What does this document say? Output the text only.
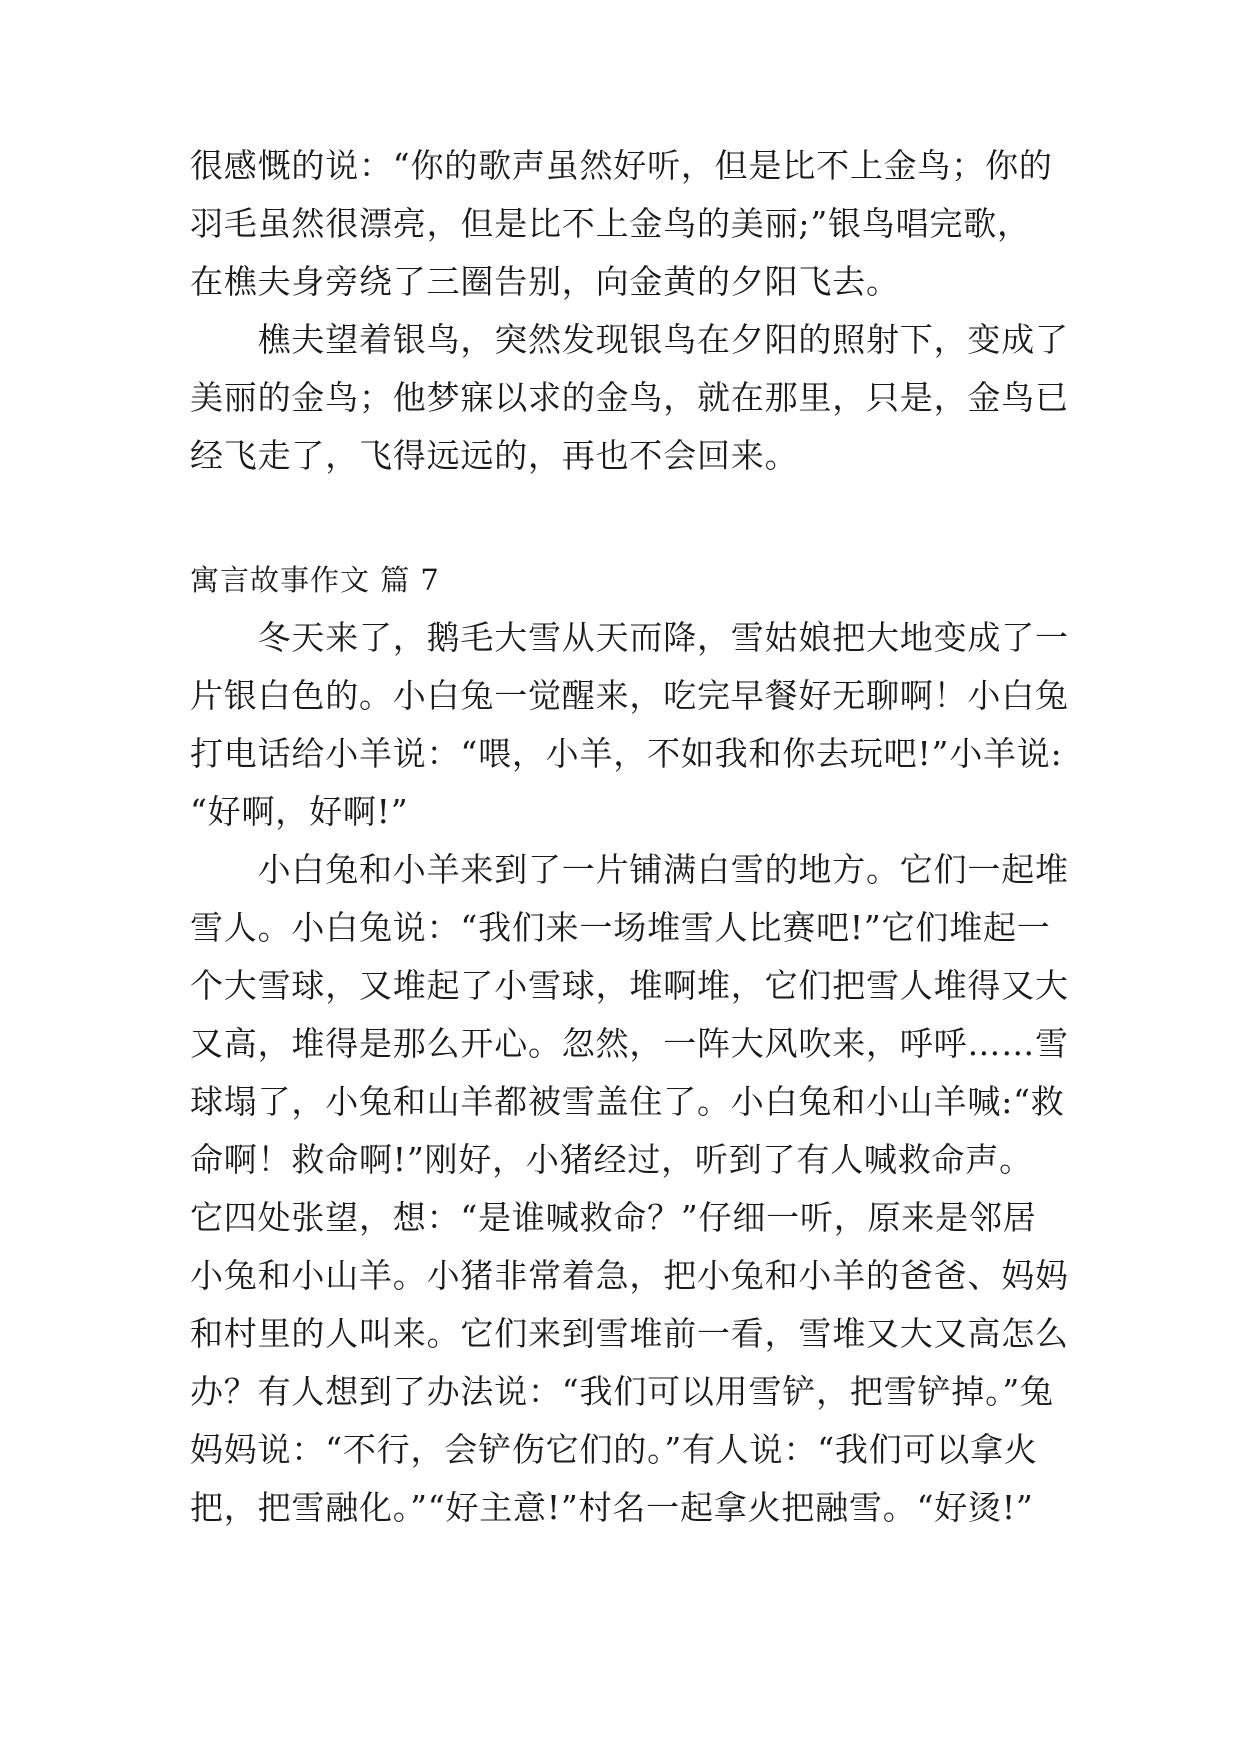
很感慨的说：“你的歌声虽然好听，但是比不上金鸟；你的
羽毛虽然很漂亮，但是比不上金鸟的美丽;”银鸟唱完歌，
在樵夫身旁绕了三圈告别，向金黄的夕阳飞去。
　　樵夫望着银鸟，突然发现银鸟在夕阳的照射下，变成了
美丽的金鸟；他梦寐以求的金鸟，就在那里，只是，金鸟已
经飞走了，飞得远远的，再也不会回来。
寓言故事作文 篇 7
　　冬天来了，鹅毛大雪从天而降，雪姑娘把大地变成了一
片银白色的。小白兔一觉醒来，吃完早餐好无聊啊！小白兔
打电话给小羊说：“喂，小羊，不如我和你去玩吧!”小羊说:
“好啊，好啊!”
　　小白兔和小羊来到了一片铺满白雪的地方。它们一起堆
雪人。小白兔说：“我们来一场堆雪人比赛吧!”它们堆起一
个大雪球，又堆起了小雪球，堆啊堆，它们把雪人堆得又大
又高，堆得是那么开心。忽然，一阵大风吹来，呼呼……雪
球塌了，小兔和山羊都被雪盖住了。小白兔和小山羊喊:“救
命啊！救命啊!”刚好，小猪经过，听到了有人喊救命声。
它四处张望，想：“是谁喊救命？”仔细一听，原来是邻居
小兔和小山羊。小猪非常着急，把小兔和小羊的爸爸、妈妈
和村里的人叫来。它们来到雪堆前一看，雪堆又大又高怎么
办？有人想到了办法说：“我们可以用雪铲，把雪铲掉。”兔
妈妈说：“不行，会铲伤它们的。”有人说：“我们可以拿火
把，把雪融化。”“好主意!”村名一起拿火把融雪。“好烫!”
